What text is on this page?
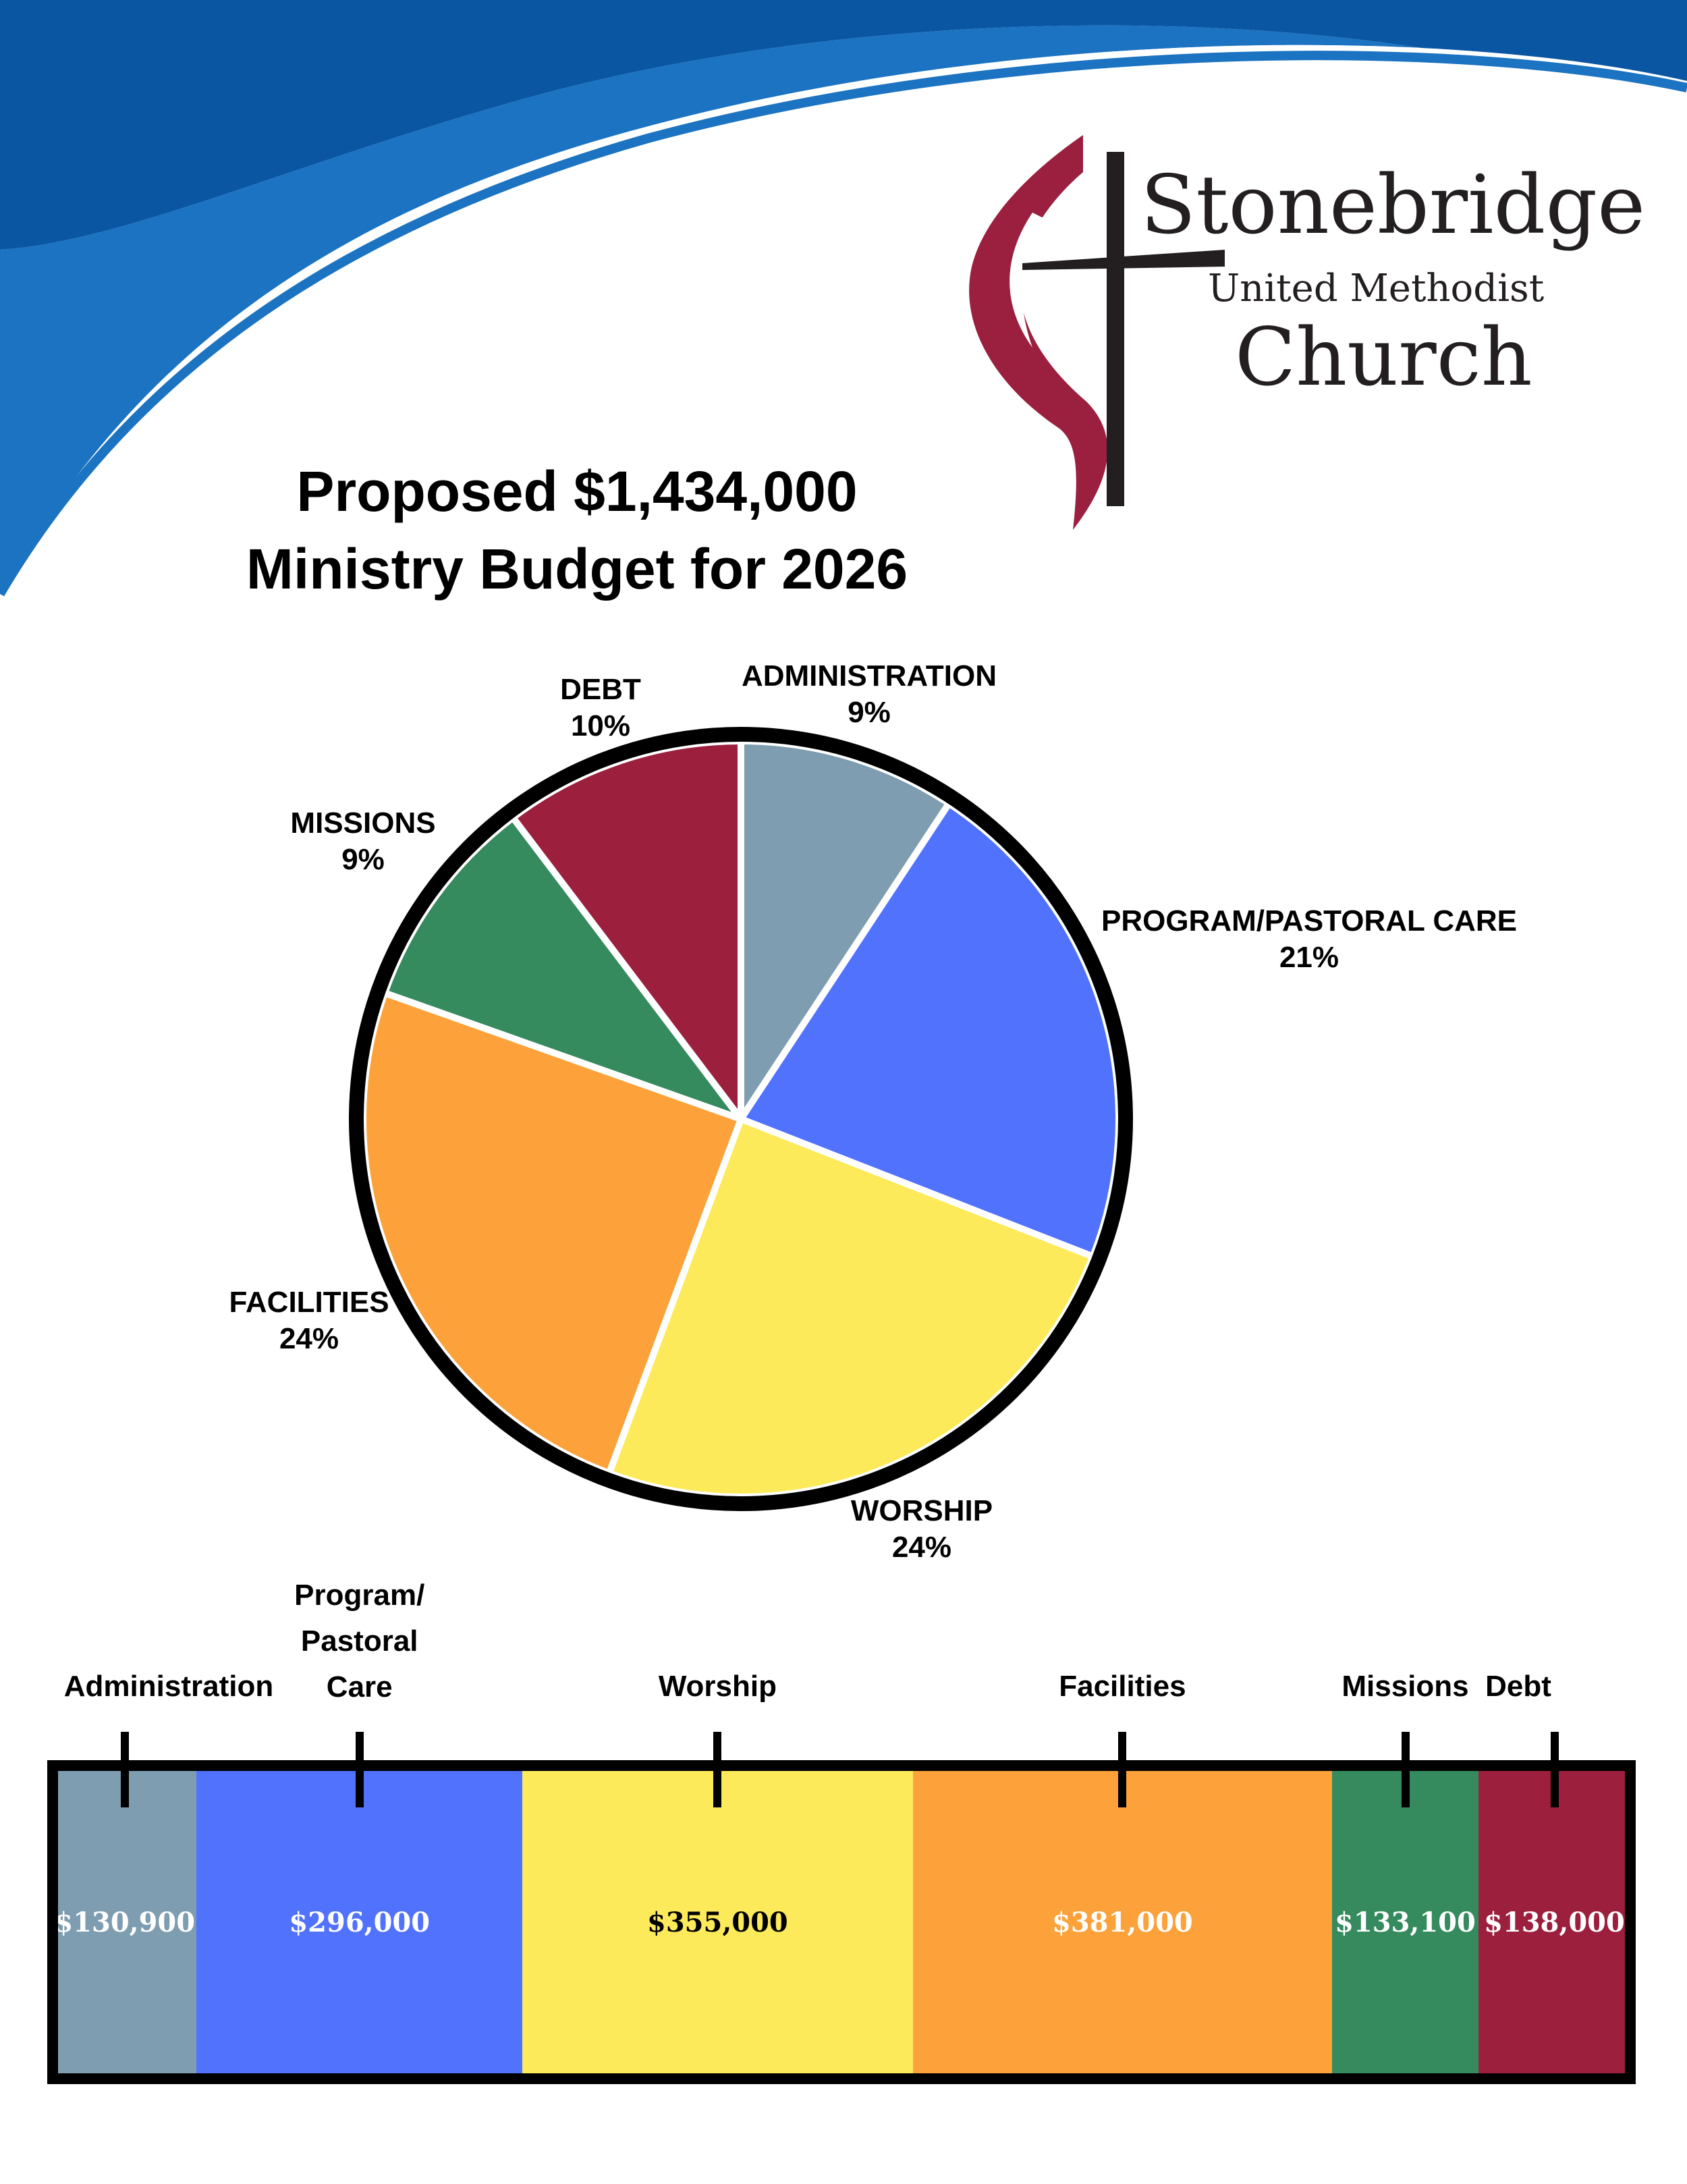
Stonebridge
United Methodist
Church
Proposed $1,434,000
Ministry Budget for 2026
ADMINISTRATION
9%
PROGRAM/PASTORAL CARE
21%
WORSHIP
24%
FACILITIES
24%
MISSIONS
9%
DEBT
10%
Administration
Program/
Pastoral
Care	Worship	Facilities	Missions Debt
$130,900	$296,000	$355,000	$381,000	$133,100 $138,000
